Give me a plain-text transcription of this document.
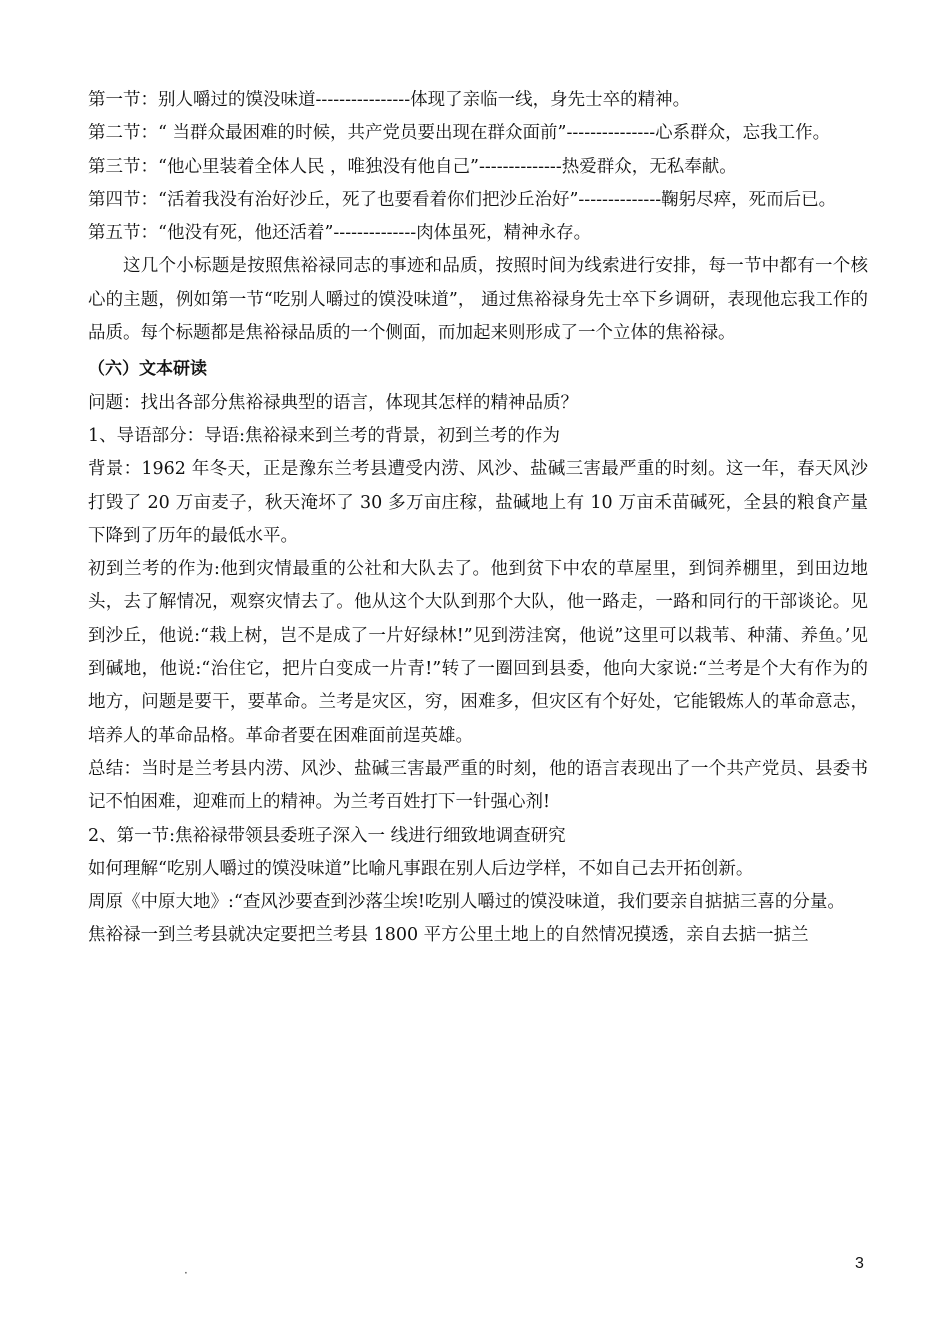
第一节：别人嚼过的馍没味道----------------体现了亲临一线，身先士卒的精神。

第二节：“ 当群众最困难的时候，共产党员要出现在群众面前”---------------心系群众，忘我工作。

第三节：“他心里装着全体人民 ，唯独没有他自己”--------------热爱群众，无私奉献。

第四节：“活着我没有治好沙丘，死了也要看着你们把沙丘治好”--------------鞠躬尽瘁，死而后已。

第五节：“他没有死，他还活着”--------------肉体虽死，精神永存。

这几个小标题是按照焦裕禄同志的事迹和品质，按照时间为线索进行安排，每一节中都有一个核心的主题，例如第一节“吃别人嚼过的馍没味道”， 通过焦裕禄身先士卒下乡调研，表现他忘我工作的品质。每个标题都是焦裕禄品质的一个侧面，而加起来则形成了一个立体的焦裕禄。

（六）文本研读

问题：找出各部分焦裕禄典型的语言，体现其怎样的精神品质？

1、导语部分：导语:焦裕禄来到兰考的背景，初到兰考的作为

背景：1962 年冬天，正是豫东兰考县遭受内涝、风沙、盐碱三害最严重的时刻。这一年，春天风沙打毁了 20 万亩麦子，秋天淹坏了 30 多万亩庄稼，盐碱地上有 10 万亩禾苗碱死，全县的粮食产量下降到了历年的最低水平。

初到兰考的作为:他到灾情最重的公社和大队去了。他到贫下中农的草屋里，到饲养棚里，到田边地头，去了解情况，观察灾情去了。他从这个大队到那个大队，他一路走，一路和同行的干部谈论。见到沙丘，他说:“栽上树，岂不是成了一片好绿林!”见到涝洼窝，他说”这里可以栽苇、种蒲、养鱼。’见到碱地，他说:“治住它，把片白变成一片青!”转了一圈回到县委，他向大家说:“兰考是个大有作为的地方，问题是要干，要革命。兰考是灾区，穷，困难多，但灾区有个好处，它能锻炼人的革命意志，培养人的革命品格。革命者要在困难面前逞英雄。

总结：当时是兰考县内涝、风沙、盐碱三害最严重的时刻，他的语言表现出了一个共产党员、县委书记不怕困难，迎难而上的精神。为兰考百姓打下一针强心剂!

2、第一节:焦裕禄带领县委班子深入一 线进行细致地调查研究

如何理解“吃别人嚼过的馍没味道”比喻凡事跟在别人后边学样，不如自己去开拓创新。

周原《中原大地》:“查风沙要查到沙落尘埃!吃别人嚼过的馍没味道，我们要亲自掂掂三喜的分量。

焦裕禄一到兰考县就决定要把兰考县 1800 平方公里土地上的自然情况摸透，亲自去掂一掂兰

·
3
